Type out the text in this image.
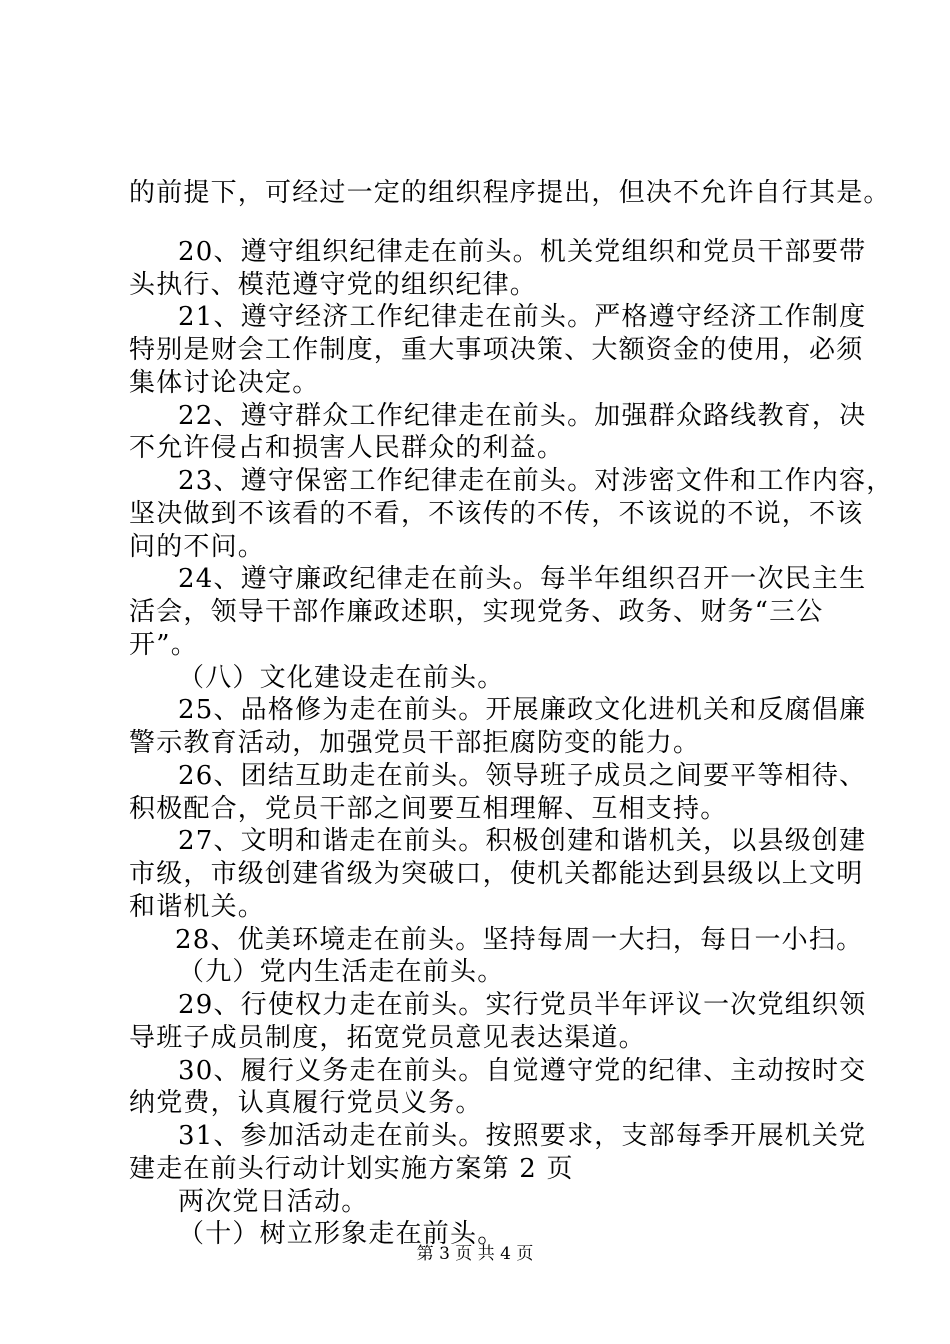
的前提下，可经过一定的组织程序提出，但决不允许自行其是。
20、遵守组织纪律走在前头。机关党组织和党员干部要带
头执行、模范遵守党的组织纪律。
21、遵守经济工作纪律走在前头。严格遵守经济工作制度
特别是财会工作制度，重大事项决策、大额资金的使用，必须
集体讨论决定。
22、遵守群众工作纪律走在前头。加强群众路线教育，决
不允许侵占和损害人民群众的利益。
23、遵守保密工作纪律走在前头。对涉密文件和工作内容，
坚决做到不该看的不看，不该传的不传，不该说的不说，不该
问的不问。
24、遵守廉政纪律走在前头。每半年组织召开一次民主生
活会，领导干部作廉政述职，实现党务、政务、财务“三公
开”。
（八）文化建设走在前头。
25、品格修为走在前头。开展廉政文化进机关和反腐倡廉
警示教育活动，加强党员干部拒腐防变的能力。
26、团结互助走在前头。领导班子成员之间要平等相待、
积极配合，党员干部之间要互相理解、互相支持。
27、文明和谐走在前头。积极创建和谐机关，以县级创建
市级，市级创建省级为突破口，使机关都能达到县级以上文明
和谐机关。
28、优美环境走在前头。坚持每周一大扫，每日一小扫。
（九）党内生活走在前头。
29、行使权力走在前头。实行党员半年评议一次党组织领
导班子成员制度，拓宽党员意见表达渠道。
30、履行义务走在前头。自觉遵守党的纪律、主动按时交
纳党费，认真履行党员义务。
31、参加活动走在前头。按照要求，支部每季开展机关党
建走在前头行动计划实施方案第 2 页
两次党日活动。
（十）树立形象走在前头。
第 3 页 共 4 页
